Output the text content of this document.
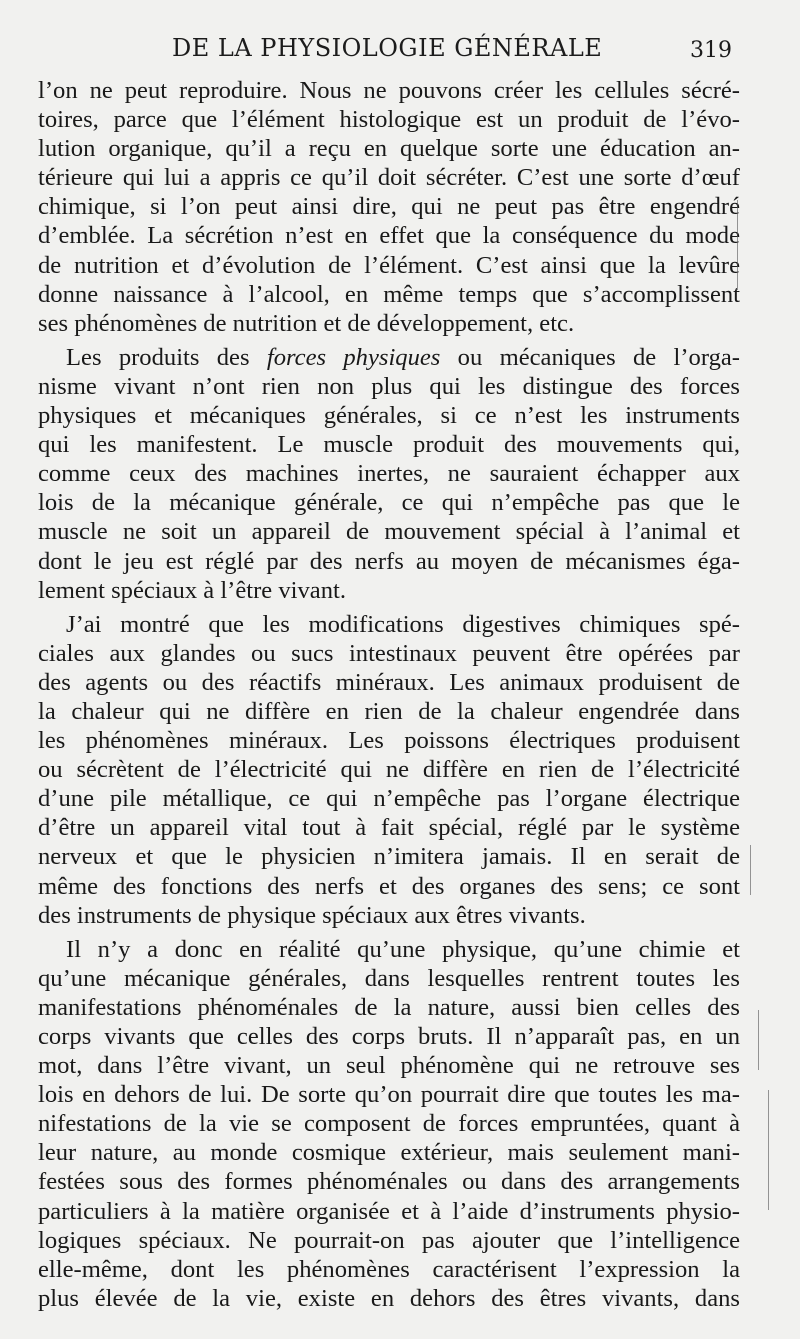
DE LA PHYSIOLOGIE GÉNÉRALE	319
l’on ne peut reproduire. Nous ne pouvons créer les cellules sécré-
toires, parce que l’élément histologique est un produit de l’évo-
lution organique, qu’il a reçu en quelque sorte une éducation an-
térieure qui lui a appris ce qu’il doit sécréter. C’est une sorte d’œuf
chimique, si l’on peut ainsi dire, qui ne peut pas être engendré
d’emblée. La sécrétion n’est en effet que la conséquence du mode
de nutrition et d’évolution de l’élément. C’est ainsi que la levûre
donne naissance à l’alcool, en même temps que s’accomplissent
ses phénomènes de nutrition et de développement, etc.
Les produits des forces physiques ou mécaniques de l’orga-
nisme vivant n’ont rien non plus qui les distingue des forces
physiques et mécaniques générales, si ce n’est les instruments
qui les manifestent. Le muscle produit des mouvements qui,
comme ceux des machines inertes, ne sauraient échapper aux
lois de la mécanique générale, ce qui n’empêche pas que le
muscle ne soit un appareil de mouvement spécial à l’animal et
dont le jeu est réglé par des nerfs au moyen de mécanismes éga-
lement spéciaux à l’être vivant.
J’ai montré que les modifications digestives chimiques spé-
ciales aux glandes ou sucs intestinaux peuvent être opérées par
des agents ou des réactifs minéraux. Les animaux produisent de
la chaleur qui ne diffère en rien de la chaleur engendrée dans
les phénomènes minéraux. Les poissons électriques produisent
ou sécrètent de l’électricité qui ne diffère en rien de l’électricité
d’une pile métallique, ce qui n’empêche pas l’organe électrique
d’être un appareil vital tout à fait spécial, réglé par le système
nerveux et que le physicien n’imitera jamais. Il en serait de
même des fonctions des nerfs et des organes des sens; ce sont
des instruments de physique spéciaux aux êtres vivants.
Il n’y a donc en réalité qu’une physique, qu’une chimie et
qu’une mécanique générales, dans lesquelles rentrent toutes les
manifestations phénoménales de la nature, aussi bien celles des
corps vivants que celles des corps bruts. Il n’apparaît pas, en un
mot, dans l’être vivant, un seul phénomène qui ne retrouve ses
lois en dehors de lui. De sorte qu’on pourrait dire que toutes les ma-
nifestations de la vie se composent de forces empruntées, quant à
leur nature, au monde cosmique extérieur, mais seulement mani-
festées sous des formes phénoménales ou dans des arrangements
particuliers à la matière organisée et à l’aide d’instruments physio-
logiques spéciaux. Ne pourrait-on pas ajouter que l’intelligence
elle-même, dont les phénomènes caractérisent l’expression la
plus élevée de la vie, existe en dehors des êtres vivants, dans
